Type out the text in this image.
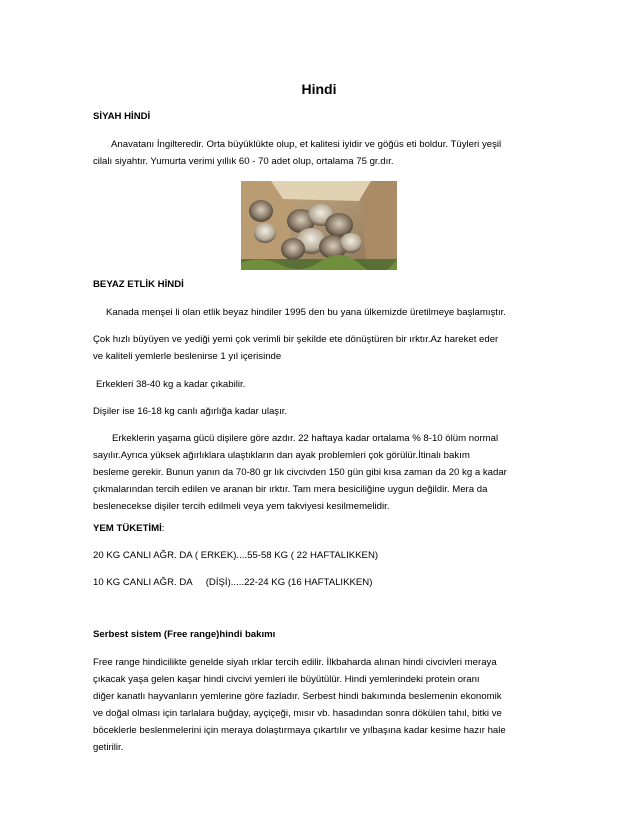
Hindi
SİYAH HİNDİ
Anavatanı İngilteredir. Orta büyüklükte olup, et kalitesi iyidir ve göğüs eti boldur. Tüyleri yeşil
cilalı siyahtır. Yumurta verimi yıllık 60 - 70 adet olup, ortalama 75 gr.dır.
BEYAZ ETLİK HİNDİ
Kanada menşei li olan etlik beyaz hindiler 1995 den bu yana ülkemizde üretilmeye başlamıştır.
Çok hızlı büyüyen ve yediği yemi çok verimli bir şekilde ete dönüştüren bir ırktır.Az hareket eder
ve kaliteli yemlerle beslenirse 1 yıl içerisinde
Erkekleri 38-40 kg a kadar çıkabilir.
Dişiler ise 16-18 kg canlı ağırlığa kadar ulaşır.
Erkeklerin yaşama gücü dişilere göre azdır. 22 haftaya kadar ortalama % 8-10 ölüm normal
sayılır.Ayrıca yüksek ağırlıklara ulaştıkların dan ayak problemleri çok görülür.İtinalı bakım
besleme gerekir. Bunun yanın da 70-80 gr lık civcivden 150 gün gibi kısa zaman da 20 kg a kadar
çıkmalarından tercih edilen ve aranan bir ırktır. Tam mera besiciliğine uygun değildir. Mera da
beslenecekse dişiler tercih edilmeli veya yem takviyesi kesilmemelidir.
YEM TÜKETİMİ:
20 KG CANLI AĞR. DA ( ERKEK)....55-58 KG ( 22 HAFTALIKKEN)
10 KG CANLI AĞR. DA (DİŞİ).....22-24 KG (16 HAFTALIKKEN)
Serbest sistem (Free range)hindi bakımı
Free range hindicilikte genelde siyah ırklar tercih edilir. İlkbaharda alınan hindi civcivleri meraya
çıkacak yaşa gelen kaşar hindi civcivi yemleri ile büyütülür. Hindi yemlerindeki protein oranı
diğer kanatlı hayvanların yemlerine göre fazladır. Serbest hindi bakımında beslemenin ekonomik
ve doğal olması için tarlalara buğday, ayçiçeği, mısır vb. hasadından sonra dökülen tahıl, bitki ve
böceklerle beslenmelerini için meraya dolaştırmaya çıkartılır ve yılbaşına kadar kesime hazır hale
getirilir.
